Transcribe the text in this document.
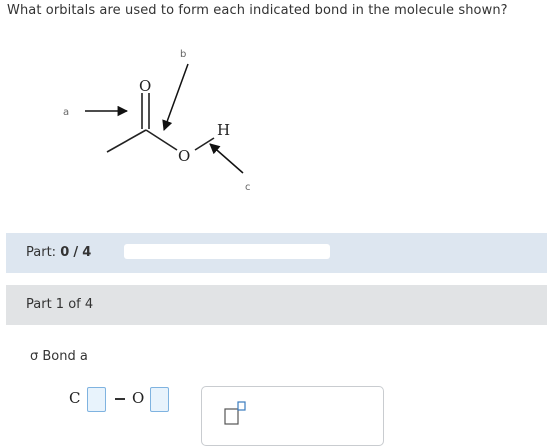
What orbitals are used to form each indicated bond in the molecule shown?
O
O
H
a
b
c
Part: 0 / 4
Part 1 of 4
σ Bond a
C	O
